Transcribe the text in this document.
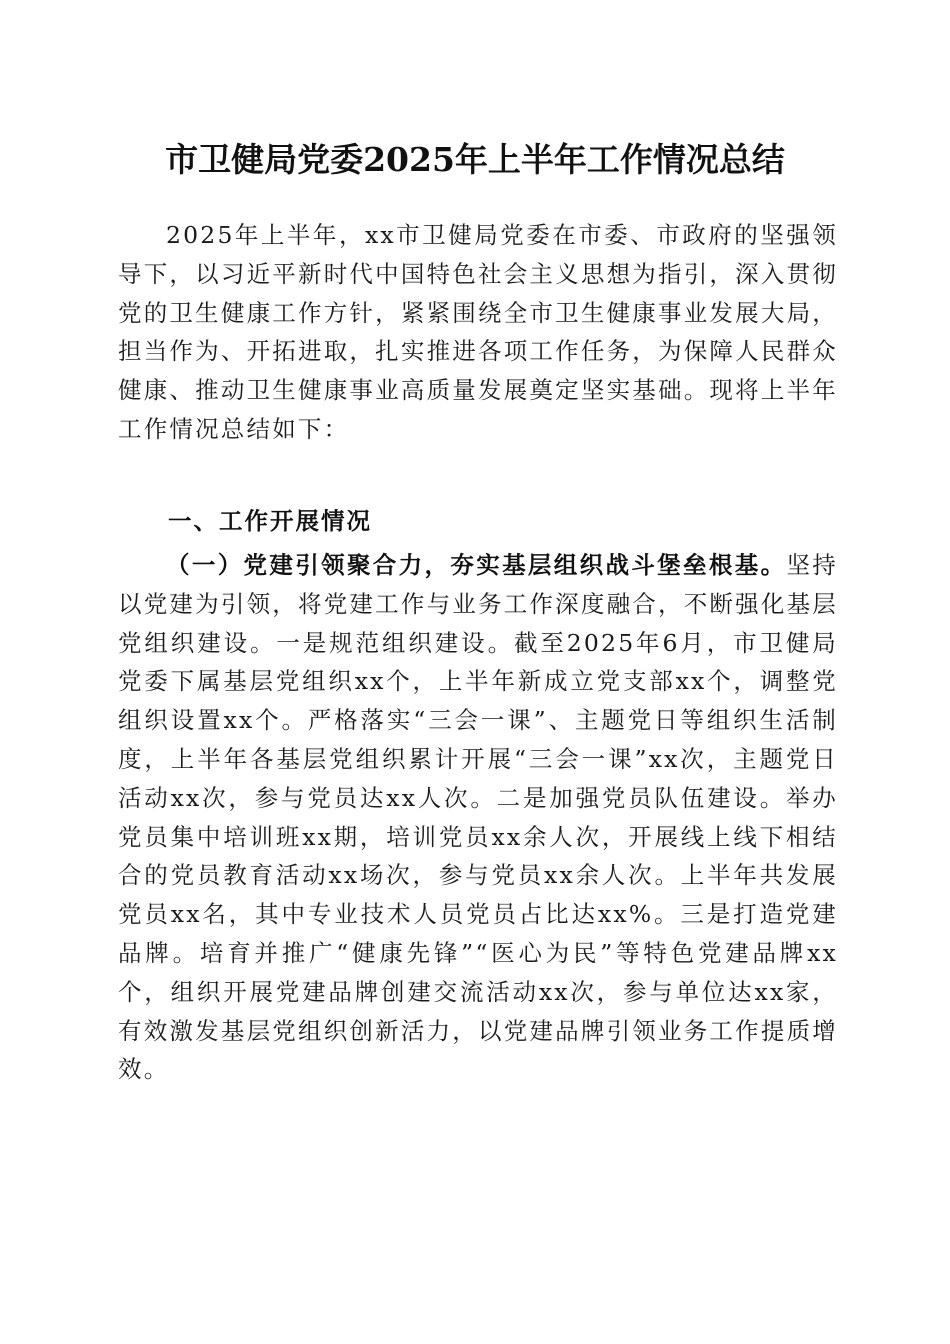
市卫健局党委2025年上半年工作情况总结
2025年上半年，xx市卫健局党委在市委、市政府的坚强领导下，以习近平新时代中国特色社会主义思想为指引，深入贯彻党的卫生健康工作方针，紧紧围绕全市卫生健康事业发展大局，担当作为、开拓进取，扎实推进各项工作任务，为保障人民群众健康、推动卫生健康事业高质量发展奠定坚实基础。现将上半年工作情况总结如下：
一、工作开展情况
（一）党建引领聚合力，夯实基层组织战斗堡垒根基。坚持以党建为引领，将党建工作与业务工作深度融合，不断强化基层党组织建设。一是规范组织建设。截至2025年6月，市卫健局党委下属基层党组织xx个，上半年新成立党支部xx个，调整党组织设置xx个。严格落实“三会一课”、主题党日等组织生活制度，上半年各基层党组织累计开展“三会一课”xx次，主题党日活动xx次，参与党员达xx人次。二是加强党员队伍建设。举办党员集中培训班xx期，培训党员xx余人次，开展线上线下相结合的党员教育活动xx场次，参与党员xx余人次。上半年共发展党员xx名，其中专业技术人员党员占比达xx%。三是打造党建品牌。培育并推广“健康先锋”“医心为民”等特色党建品牌xx个，组织开展党建品牌创建交流活动xx次，参与单位达xx家，有效激发基层党组织创新活力，以党建品牌引领业务工作提质增效。
